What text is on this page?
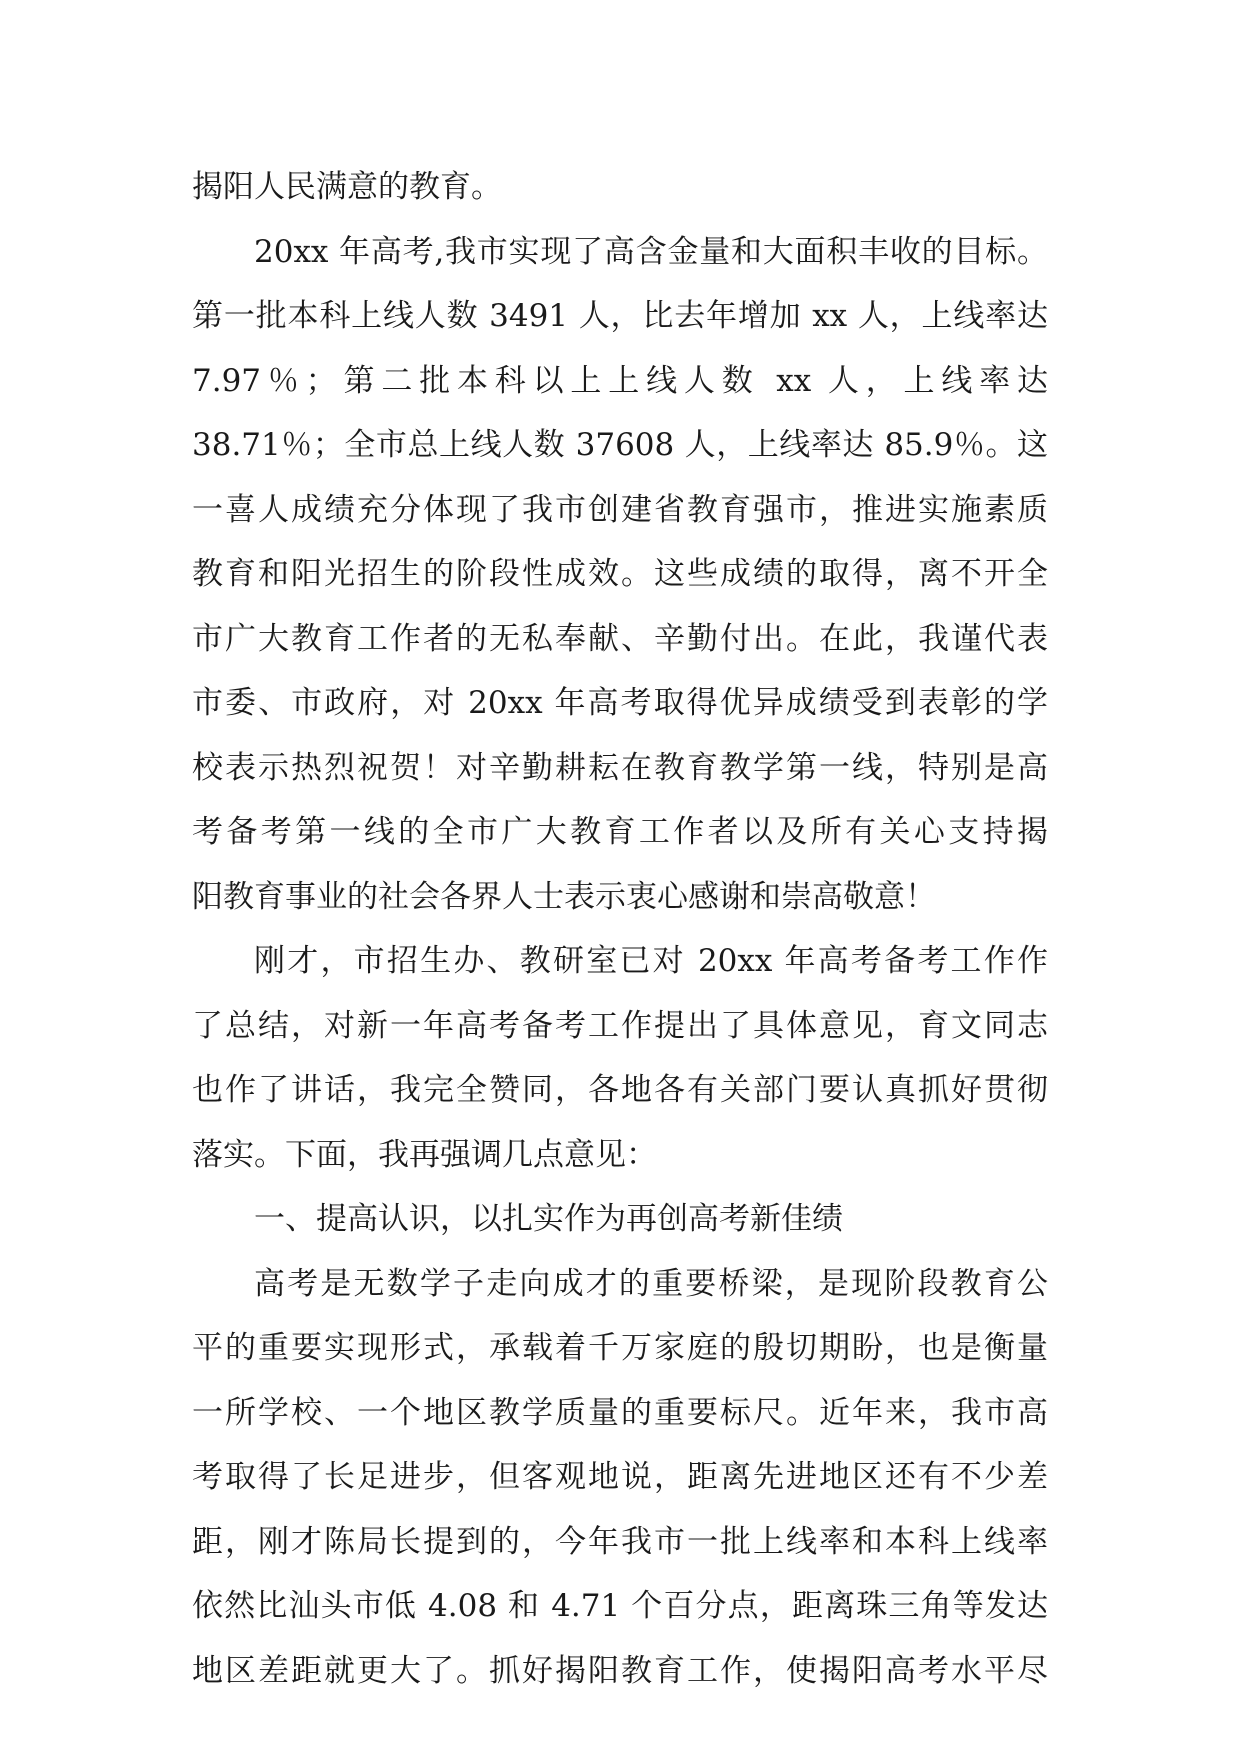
揭阳人民满意的教育。
20xx 年高考,我市实现了高含金量和大面积丰收的目标。
第一批本科上线人数 3491 人，比去年增加 xx 人，上线率达
7.97％；第二批本科以上上线人数 xx 人，上线率达
38.71％；全市总上线人数 37608 人，上线率达 85.9％。这
一喜人成绩充分体现了我市创建省教育强市，推进实施素质
教育和阳光招生的阶段性成效。这些成绩的取得，离不开全
市广大教育工作者的无私奉献、辛勤付出。在此，我谨代表
市委、市政府，对 20xx 年高考取得优异成绩受到表彰的学
校表示热烈祝贺！对辛勤耕耘在教育教学第一线，特别是高
考备考第一线的全市广大教育工作者以及所有关心支持揭
阳教育事业的社会各界人士表示衷心感谢和崇高敬意！
刚才，市招生办、教研室已对 20xx 年高考备考工作作
了总结，对新一年高考备考工作提出了具体意见，育文同志
也作了讲话，我完全赞同，各地各有关部门要认真抓好贯彻
落实。下面，我再强调几点意见：
一、提高认识，以扎实作为再创高考新佳绩
高考是无数学子走向成才的重要桥梁，是现阶段教育公
平的重要实现形式，承载着千万家庭的殷切期盼，也是衡量
一所学校、一个地区教学质量的重要标尺。近年来，我市高
考取得了长足进步，但客观地说，距离先进地区还有不少差
距，刚才陈局长提到的，今年我市一批上线率和本科上线率
依然比汕头市低 4.08 和 4.71 个百分点，距离珠三角等发达
地区差距就更大了。抓好揭阳教育工作，使揭阳高考水平尽
